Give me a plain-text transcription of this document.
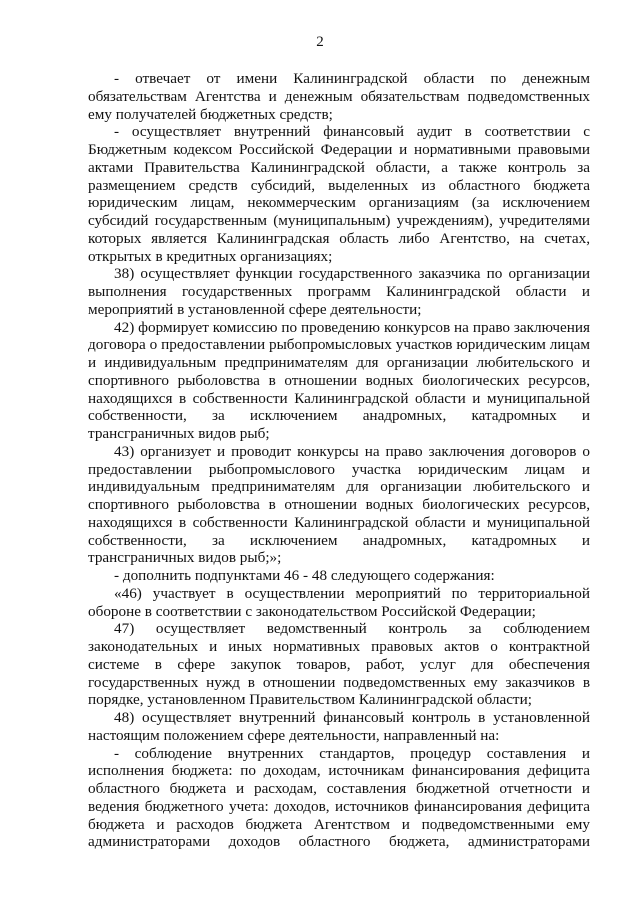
2

- отвечает от имени Калининградской области по денежным обязательствам Агентства и денежным обязательствам подведомственных ему получателей бюджетных средств;

- осуществляет внутренний финансовый аудит в соответствии с Бюджетным кодексом Российской Федерации и нормативными правовыми актами Правительства Калининградской области, а также контроль за размещением средств субсидий, выделенных из областного бюджета юридическим лицам, некоммерческим организациям (за исключением субсидий государственным (муниципальным) учреждениям), учредителями которых является Калининградская область либо Агентство, на счетах, открытых в кредитных организациях;

38) осуществляет функции государственного заказчика по организации выполнения государственных программ Калининградской области и мероприятий в установленной сфере деятельности;

42) формирует комиссию по проведению конкурсов на право заключения договора о предоставлении рыбопромысловых участков юридическим лицам и индивидуальным предпринимателям для организации любительского и спортивного рыболовства в отношении водных биологических ресурсов, находящихся в собственности Калининградской области и муниципальной собственности, за исключением анадромных, катадромных и трансграничных видов рыб;

43) организует и проводит конкурсы на право заключения договоров о предоставлении рыбопромыслового участка юридическим лицам и индивидуальным предпринимателям для организации любительского и спортивного рыболовства в отношении водных биологических ресурсов, находящихся в собственности Калининградской области и муниципальной собственности, за исключением анадромных, катадромных и трансграничных видов рыб;»;

- дополнить подпунктами 46 - 48 следующего содержания:

«46) участвует в осуществлении мероприятий по территориальной обороне в соответствии с законодательством Российской Федерации;

47) осуществляет ведомственный контроль за соблюдением законодательных и иных нормативных правовых актов о контрактной системе в сфере закупок товаров, работ, услуг для обеспечения государственных нужд в отношении подведомственных ему заказчиков в порядке, установленном Правительством Калининградской области;

48) осуществляет внутренний финансовый контроль в установленной настоящим положением сфере деятельности, направленный на:

- соблюдение внутренних стандартов, процедур составления и исполнения бюджета: по доходам, источникам финансирования дефицита областного бюджета и расходам, составления бюджетной отчетности и ведения бюджетного учета: доходов, источников финансирования дефицита бюджета и расходов бюджета Агентством и подведомственными ему администраторами доходов областного бюджета, администраторами
